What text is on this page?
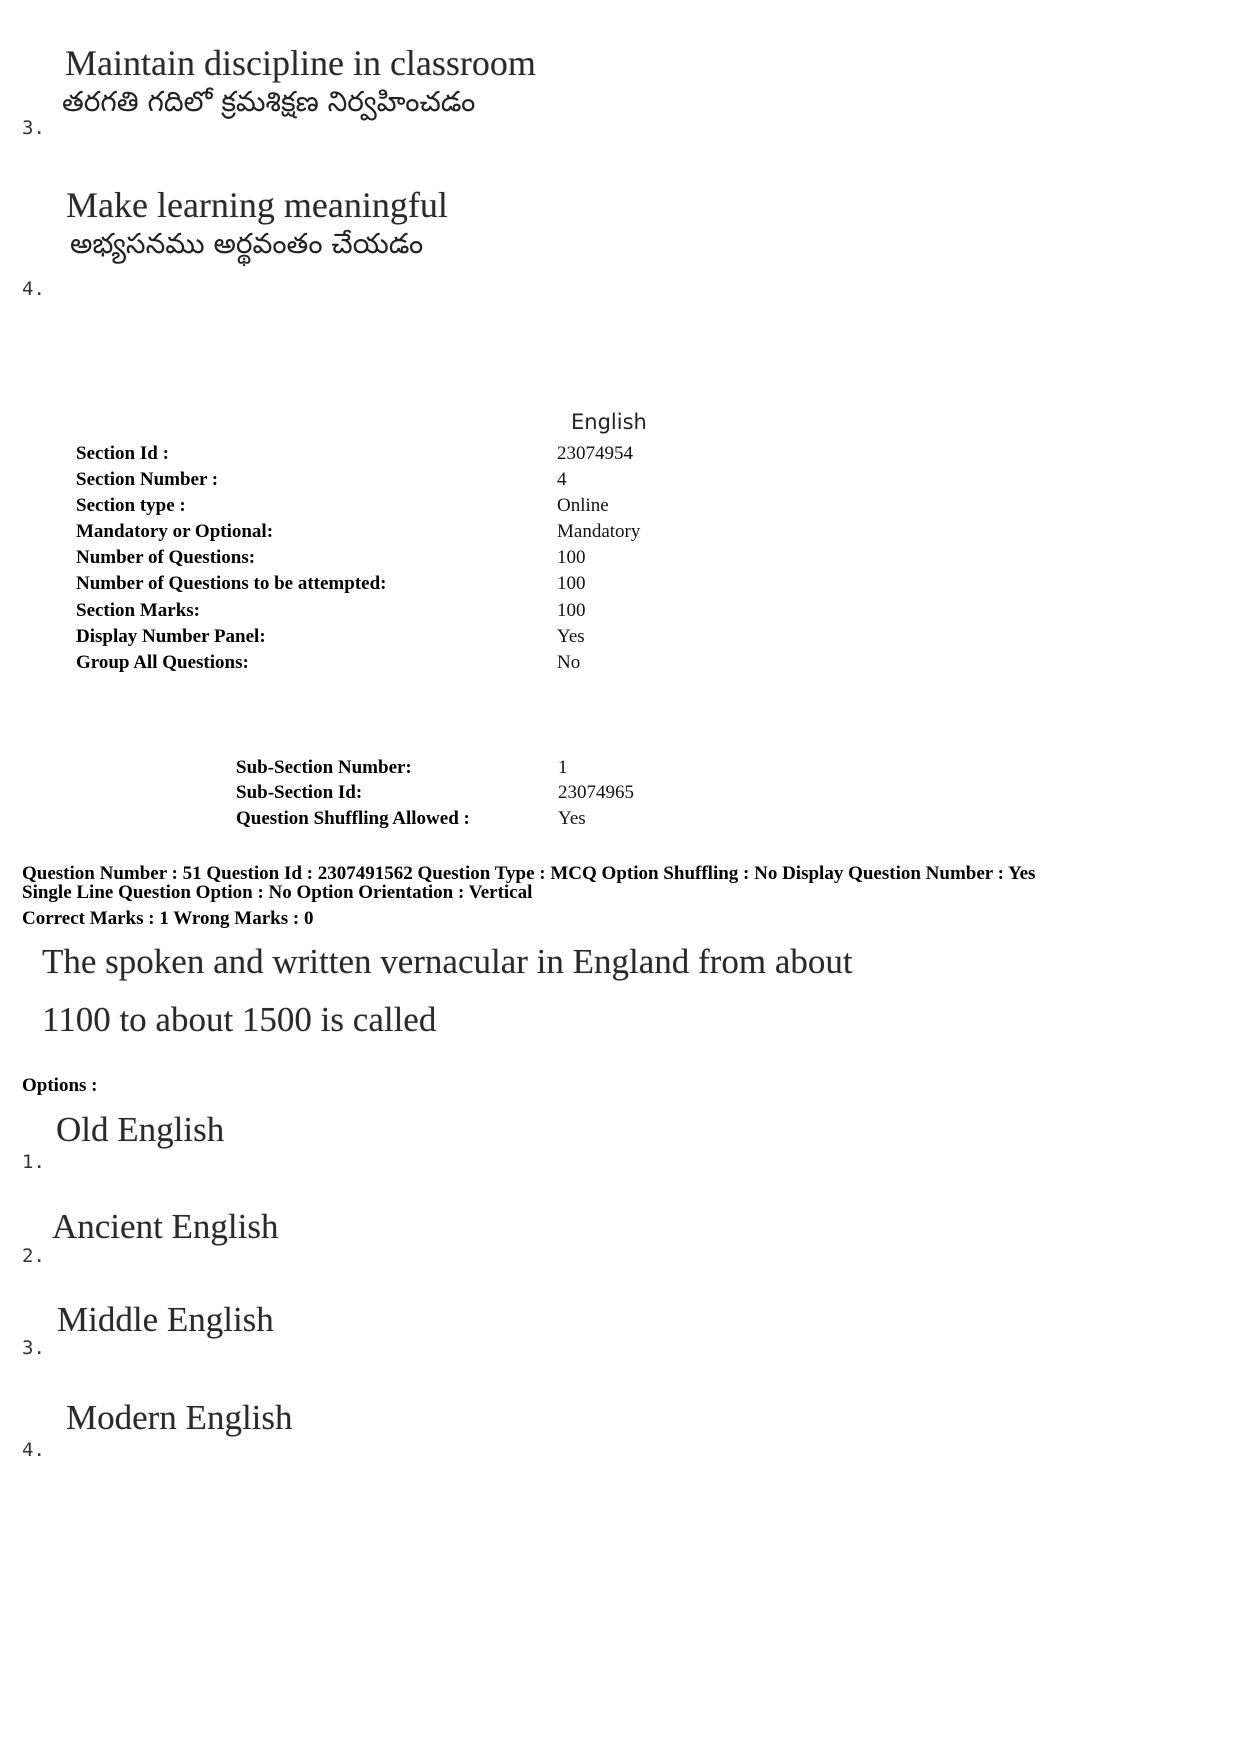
Maintain discipline in classroom
తరగతి గదిలో క్రమశిక్షణ నిర్వహించడం
3.
Make learning meaningful
అభ్యసనము అర్థవంతం చేయడం
4.
English
Section Id :	23074954
Section Number :	4
Section type :	Online
Mandatory or Optional:	Mandatory
Number of Questions:	100
Number of Questions to be attempted:	100
Section Marks:	100
Display Number Panel:	Yes
Group All Questions:	No
Sub-Section Number:	1
Sub-Section Id:	23074965
Question Shuffling Allowed :	Yes
Question Number : 51 Question Id : 2307491562 Question Type : MCQ Option Shuffling : No Display Question Number : Yes
Single Line Question Option : No Option Orientation : Vertical
Correct Marks : 1 Wrong Marks : 0
The spoken and written vernacular in England from about
1100 to about 1500 is called
Options :
Old English
1.
Ancient English
2.
Middle English
3.
Modern English
4.
